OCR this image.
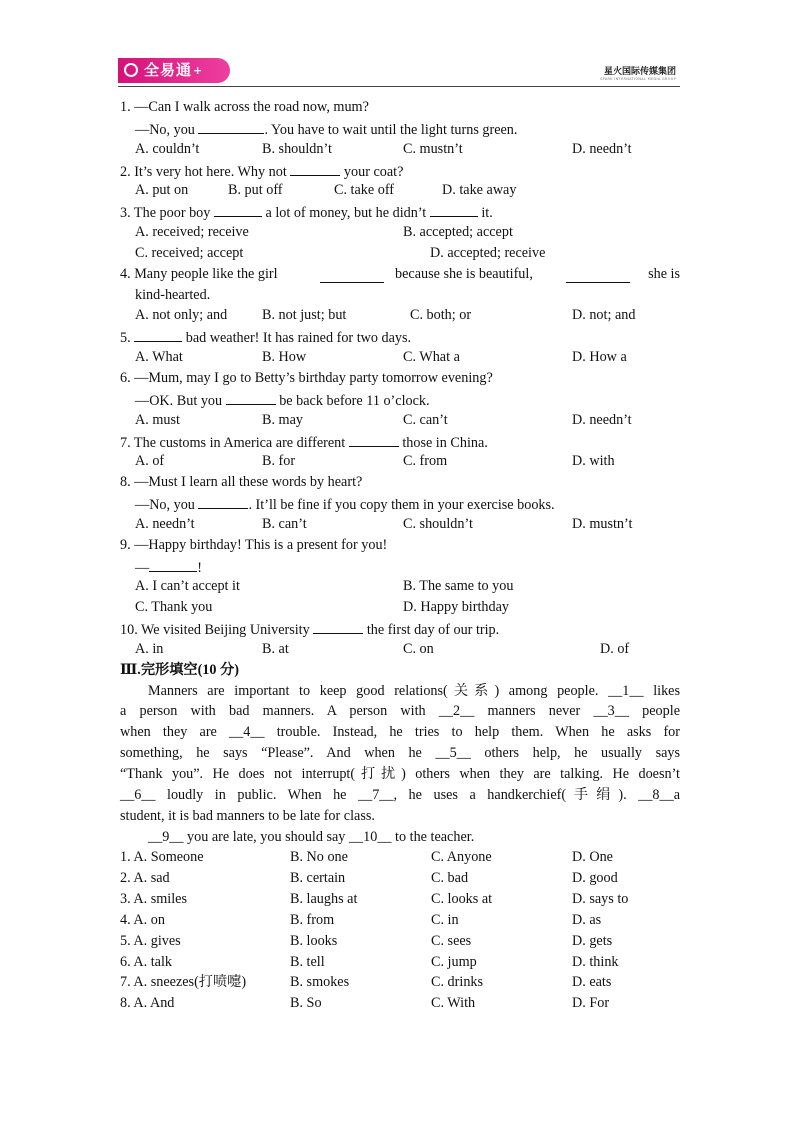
全易通+	星火国际传媒集团
SPARK INTERNATIONAL MEDIA GROUP
1. —Can I walk across the road now, mum?
—No, you	. You have to wait until the light turns green.
A. couldn’t	B. shouldn’t	C. mustn’t	D. needn’t
2. It’s very hot here. Why not	your coat?
A. put on	B. put off	C. take off	D. take away
3. The poor boy	a lot of money, but he didn’t	it.
A. received; receive	B. accepted; accept
C. received; accept	D. accepted; receive
4. Many people like the girl	because she is beautiful,	she is
kind-hearted.
A. not only; and B. not just; but	C. both; or	D. not; and
5.	bad weather! It has rained for two days.
A. What	B. How	C. What a	D. How a
6. —Mum, may I go to Betty’s birthday party tomorrow evening?
—OK. But you	be back before 11 o’clock.
A. must	B. may	C. can’t	D. needn’t
7. The customs in America are different	those in China.
A. of	B. for	C. from	D. with
8. —Must I learn all these words by heart?
—No, you	. It’ll be fine if you copy them in your exercise books.
A. needn’t	B. can’t	C. shouldn’t	D. mustn’t
9. —Happy birthday! This is a present for you!
—	!
A. I can’t accept it	B. The same to you
C. Thank you	D. Happy birthday
10. We visited Beijing University	the first day of our trip.
A. in	B. at	C. on	D. of
Ⅲ.完形填空(10 分)
Manners are important to keep good relations(关系) among people. __1__ likes
a person with bad manners. A person with __2__ manners never __3__ people
when they are __4__ trouble. Instead, he tries to help them. When he asks for
something, he says “Please”. And when he __5__ others help, he usually says
“Thank you”. He does not interrupt(打扰) others when they are talking. He doesn’t
__6__ loudly in public. When he __7__, he uses a handkerchief(手绢). __8__a
student, it is bad manners to be late for class.
__9__ you are late, you should say __10__ to the teacher.
1. A. Someone	B. No one	C. Anyone	D. One
2. A. sad	B. certain	C. bad	D. good
3. A. smiles	B. laughs at	C. looks at	D. says to
4. A. on	B. from	C. in	D. as
5. A. gives	B. looks	C. sees	D. gets
6. A. talk	B. tell	C. jump	D. think
7. A. sneezes(打喷嚏)	B. smokes	C. drinks	D. eats
8. A. And	B. So	C. With	D. For
